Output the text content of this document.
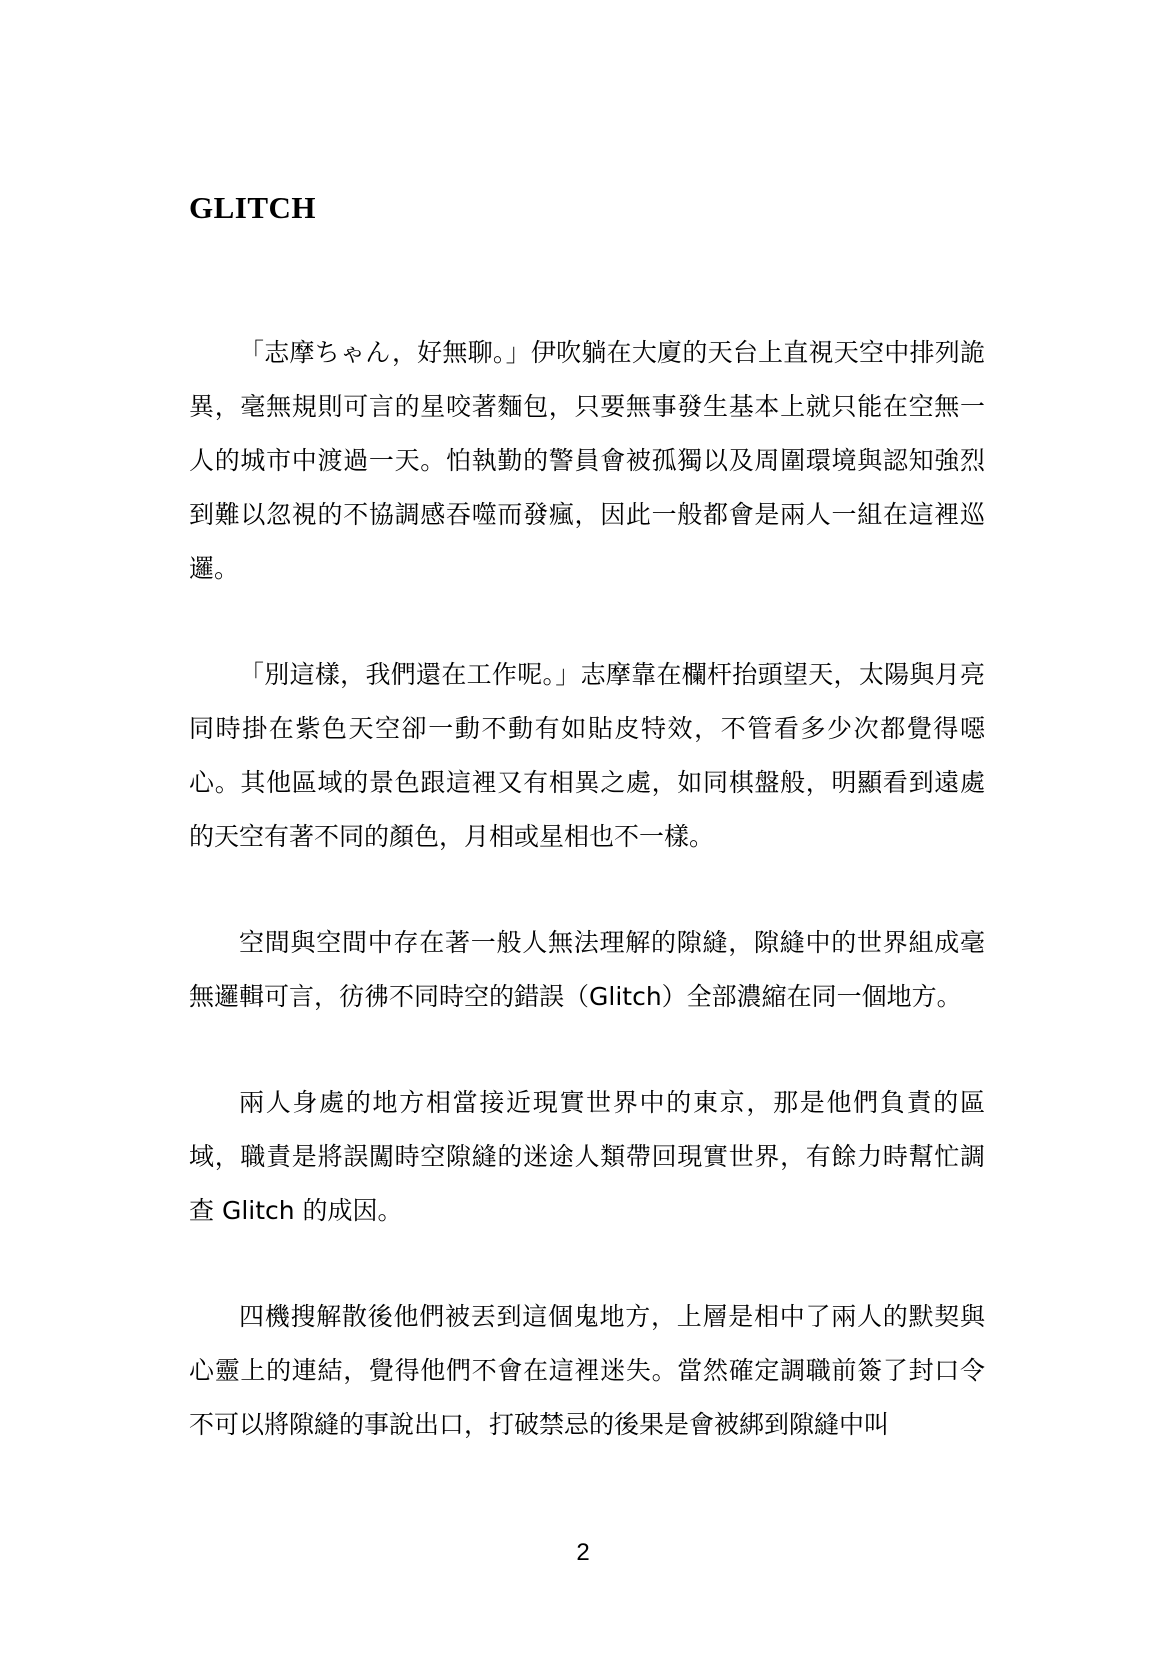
GLITCH

「志摩ちゃん，好無聊。」伊吹躺在大廈的天台上直視天空中排列詭異，毫無規則可言的星咬著麵包，只要無事發生基本上就只能在空無一人的城市中渡過一天。怕執勤的警員會被孤獨以及周圍環境與認知強烈到難以忽視的不協調感吞噬而發瘋，因此一般都會是兩人一組在這裡巡邏。

「別這樣，我們還在工作呢。」志摩靠在欄杆抬頭望天，太陽與月亮同時掛在紫色天空卻一動不動有如貼皮特效，不管看多少次都覺得噁心。其他區域的景色跟這裡又有相異之處，如同棋盤般，明顯看到遠處的天空有著不同的顏色，月相或星相也不一樣。

空間與空間中存在著一般人無法理解的隙縫，隙縫中的世界組成毫無邏輯可言，彷彿不同時空的錯誤（Glitch）全部濃縮在同一個地方。

兩人身處的地方相當接近現實世界中的東京，那是他們負責的區域，職責是將誤闖時空隙縫的迷途人類帶回現實世界，有餘力時幫忙調查 Glitch 的成因。

四機搜解散後他們被丟到這個鬼地方，上層是相中了兩人的默契與心靈上的連結，覺得他們不會在這裡迷失。當然確定調職前簽了封口令不可以將隙縫的事說出口，打破禁忌的後果是會被綁到隙縫中叫

2
